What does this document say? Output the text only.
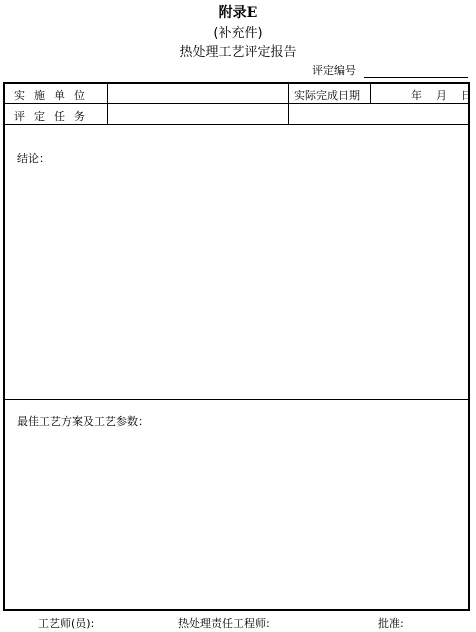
附录E
(补充件)
热处理工艺评定报告
评定编号
实施单位	实际完成日期	年 月 日
评定任务
结论：
最佳工艺方案及工艺参数：
工艺师(员):	热处理责任工程师:	批准:
